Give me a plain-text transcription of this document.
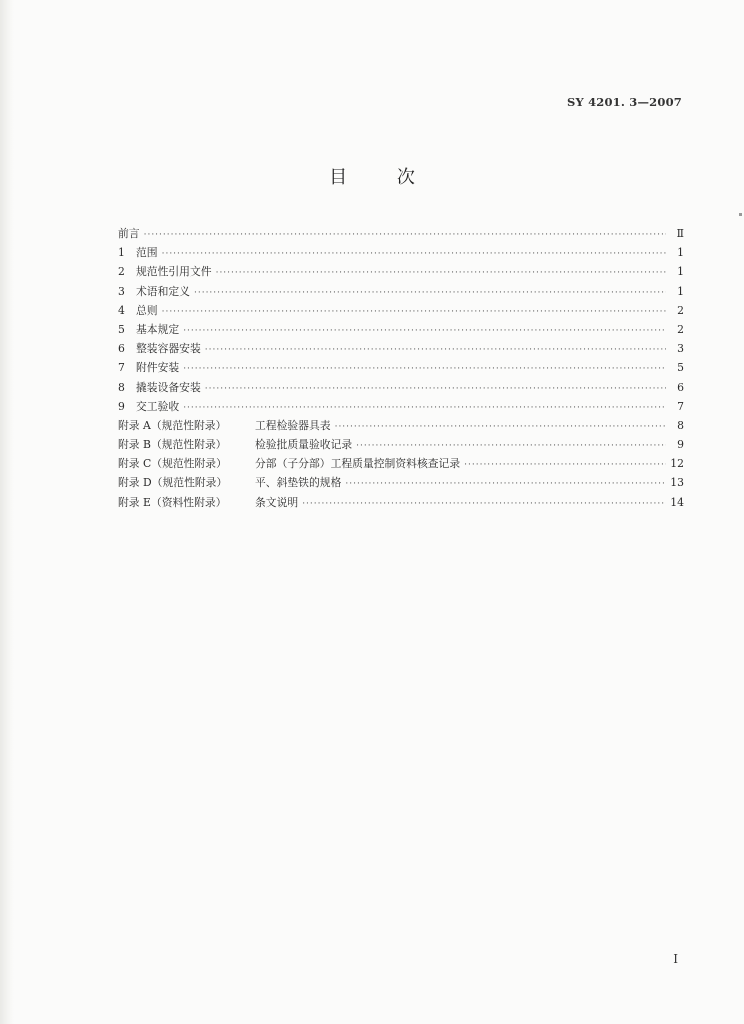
SY 4201. 3—2007
目 次
前言 ·····	Ⅱ
1	范围 ·····	1
2	规范性引用文件 ·····	1
3	术语和定义 ·····	1
4	总则 ·····	2
5	基本规定 ·····	2
6	整装容器安装 ·····	3
7	附件安装 ·····	5
8	撬装设备安装 ·····	6
9	交工验收 ·····	7
附录 A（规范性附录）	工程检验器具表 ·····	8
附录 B（规范性附录）	检验批质量验收记录 ·····	9
附录 C（规范性附录）	分部（子分部）工程质量控制资料核查记录 ·····	12
附录 D（规范性附录）	平、斜垫铁的规格 ·····	13
附录 E（资料性附录）	条文说明 ·····	14
Ⅰ
